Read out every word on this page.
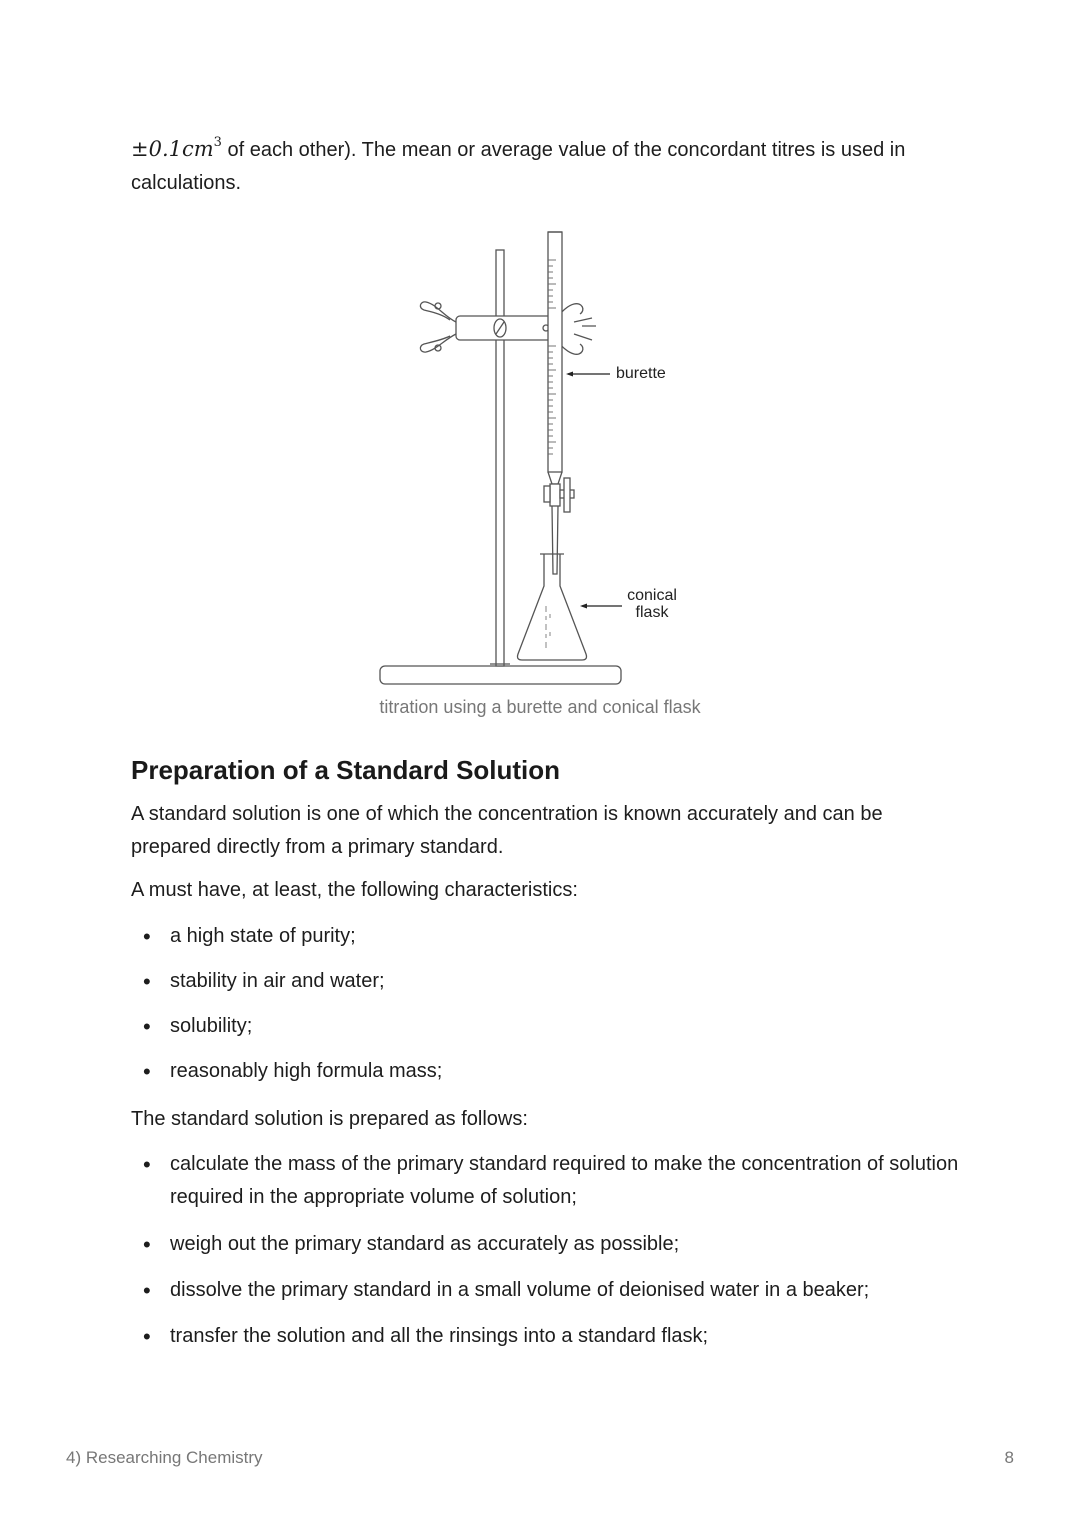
$\pm 0.1cm^3$ of each other). The mean or average value of the concordant titres is used in calculations.

burette
conical
flask

titration using a burette and conical flask

Preparation of a Standard Solution

A standard solution is one of which the concentration is known accurately and can be prepared directly from a primary standard.

A must have, at least, the following characteristics:

• a high state of purity;
• stability in air and water;
• solubility;
• reasonably high formula mass;

The standard solution is prepared as follows:

• calculate the mass of the primary standard required to make the concentration of solution required in the appropriate volume of solution;
• weigh out the primary standard as accurately as possible;
• dissolve the primary standard in a small volume of deionised water in a beaker;
• transfer the solution and all the rinsings into a standard flask;
4) Researching Chemistry	8
